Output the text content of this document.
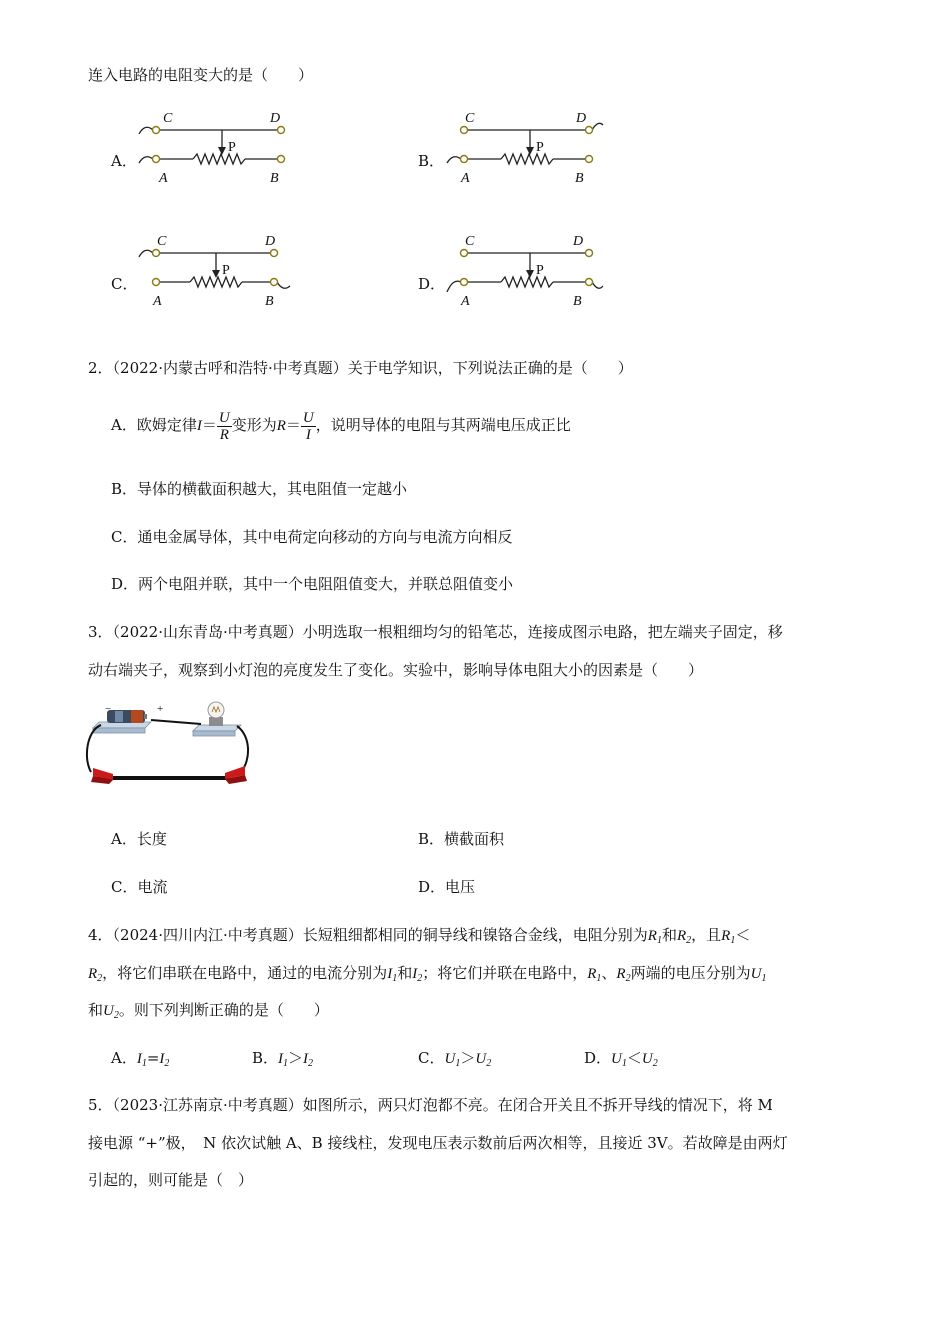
连入电路的电阻变大的是（　　）
A．	B．
C．	D．
C	D
P
A	B
C	D
P
A	B
C	D
P
A	B
C	D
P
A	B
2．（2022·内蒙古呼和浩特·中考真题）关于电学知识，下列说法正确的是（　　）
A．欧姆定律$I= \frac{U}{R}$ 变形为$R= \frac{U}{I}$ ，说明导体的电阻与其两端电压成正比
B．导体的横截面积越大，其电阻值一定越小
C．通电金属导体，其中电荷定向移动的方向与电流方向相反
D．两个电阻并联，其中一个电阻阻值变大，并联总阻值变小
3．（2022·山东青岛·中考真题）小明选取一根粗细均匀的铅笔芯，连接成图示电路，把左端夹子固定，移
动右端夹子，观察到小灯泡的亮度发生了变化。实验中，影响导体电阻大小的因素是（　　）
−	+
A．长度	B．横截面积
C．电流	D．电压
4．（2024·四川内江·中考真题）长短粗细都相同的铜导线和镍铬合金线，电阻分别为$R_1$和$R_2$，且$R_1<$
$R_2$，将它们串联在电路中，通过的电流分别为$I_1$和$I_2$；将它们并联在电路中，$R_1$、$R_2$两端的电压分别为$U_1$
和$U_2$。则下列判断正确的是（　　）
A．$I_1=I_2$	B．$I_1>I_2$	C．$U_1>U_2$	D．$U_1<U_2$
5．（2023·江苏南京·中考真题）如图所示，两只灯泡都不亮。在闭合开关且不拆开导线的情况下，将 M
接电源 “+”极，　N 依次试触 A、B 接线柱，发现电压表示数前后两次相等，且接近 3V。若故障是由两灯
引起的，则可能是（　）
